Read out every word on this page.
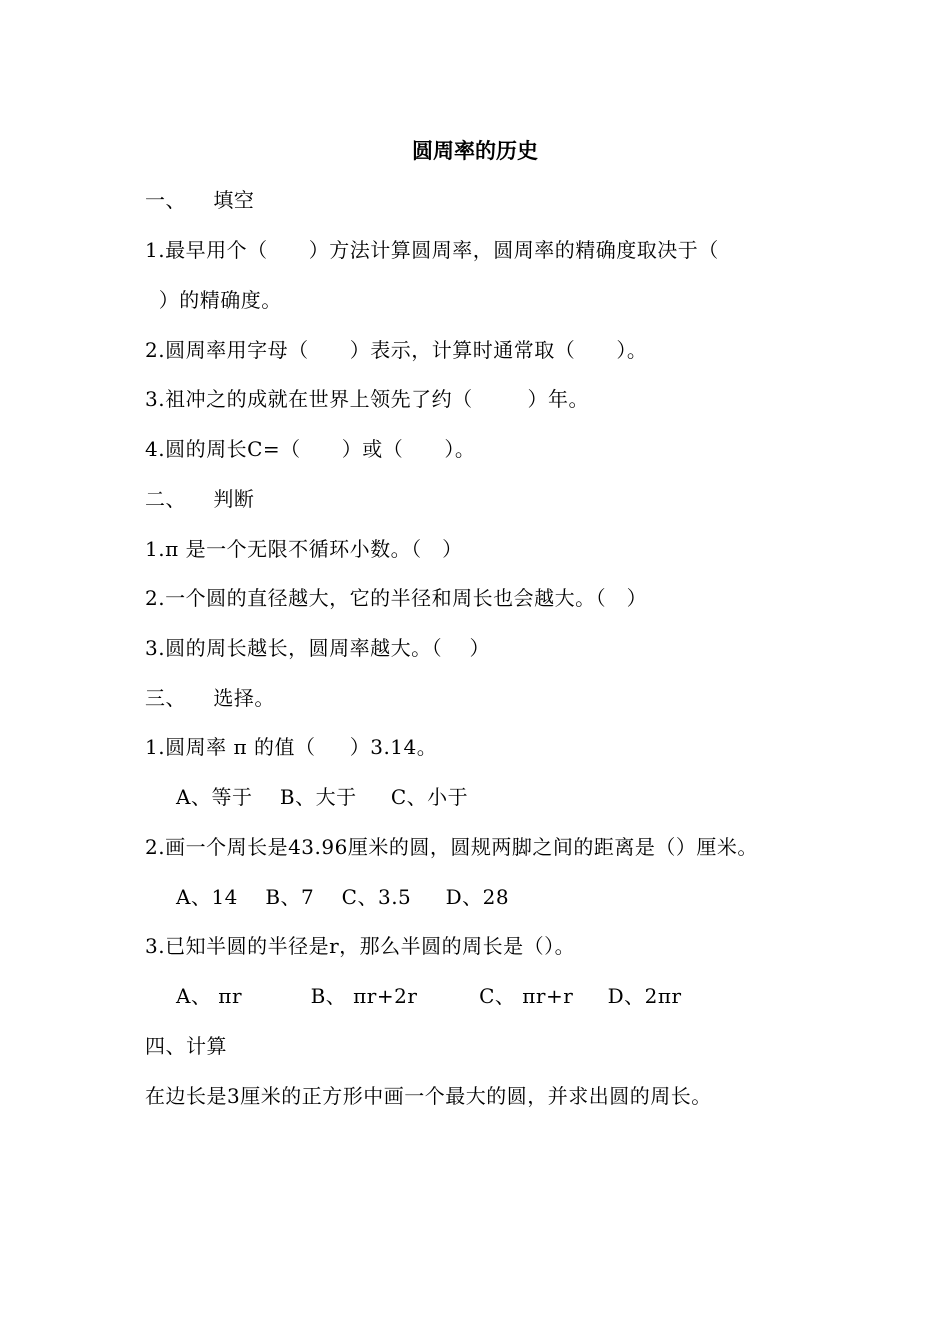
圆周率的历史
一、    填空
1.最早用个（      ）方法计算圆周率，圆周率的精确度取决于（
）的精确度。
2.圆周率用字母（      ）表示，计算时通常取（      ）。
3.祖冲之的成就在世界上领先了约（        ）年。
4.圆的周长C=（      ）或（      ）。
二、    判断
1.π 是一个无限不循环小数。（   ）
2.一个圆的直径越大，它的半径和周长也会越大。（   ）
3.圆的周长越长，圆周率越大。（    ）
三、    选择。
1.圆周率 π 的值（     ）3.14。
A、等于    B、大于     C、小于
2.画一个周长是43.96厘米的圆，圆规两脚之间的距离是（）厘米。
A、14    B、7    C、3.5     D、28
3.已知半圆的半径是r，那么半圆的周长是（）。
A、 πr          B、 πr+2r         C、 πr+r     D、2πr
四、计算
在边长是3厘米的正方形中画一个最大的圆，并求出圆的周长。
